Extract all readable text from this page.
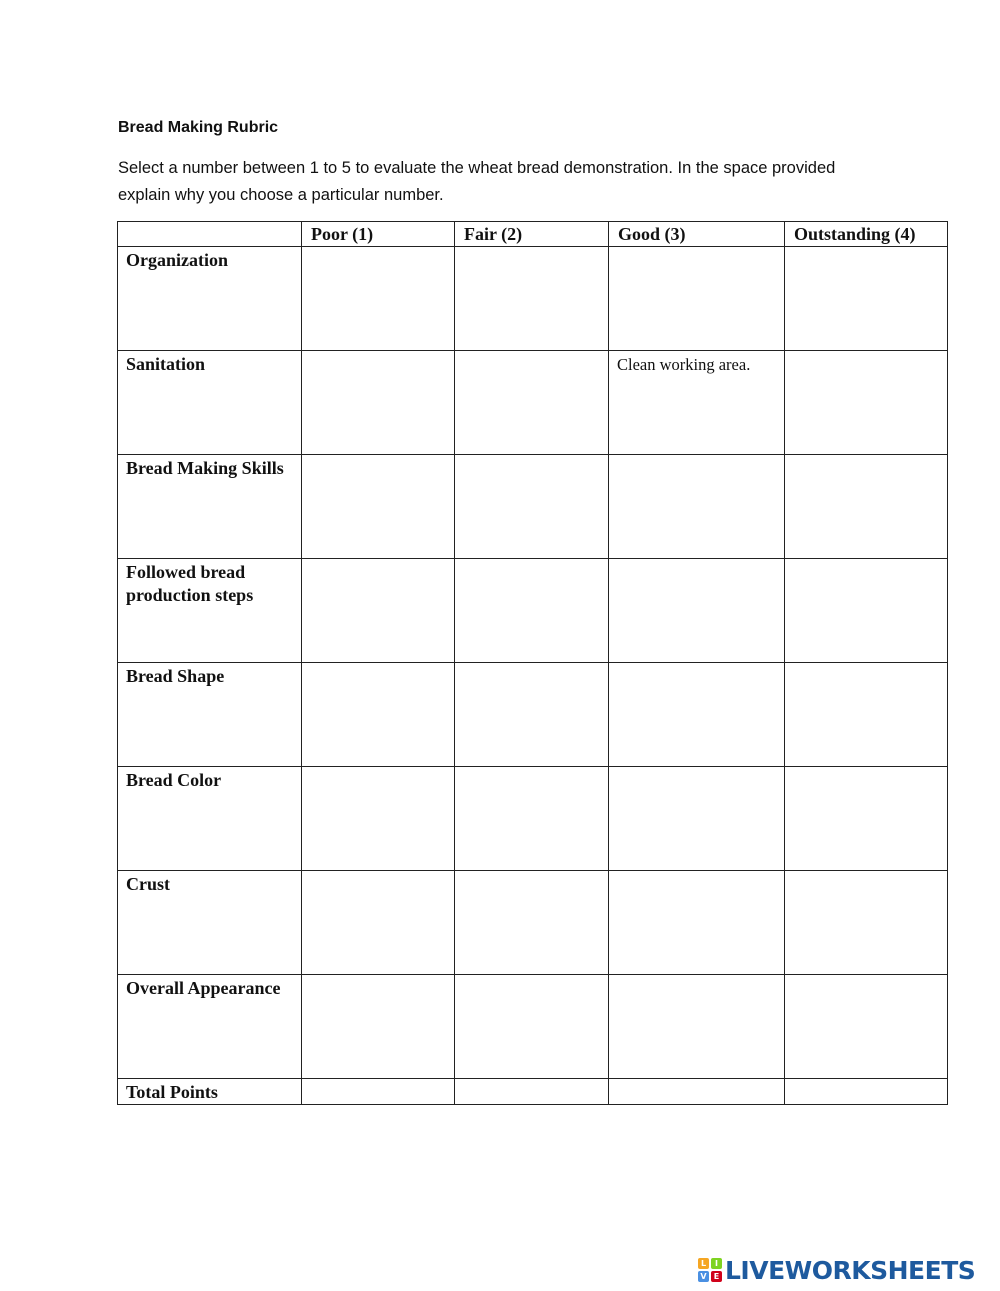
Bread Making Rubric
Select a number between 1 to 5 to evaluate the wheat bread demonstration. In the space provided explain why you choose a particular number.
	Poor (1)	Fair (2)	Good (3)	Outstanding (4)
Organization				
Sanitation			Clean working area.	
Bread Making Skills				
Followed bread production steps				
Bread Shape				
Bread Color				
Crust				
Overall Appearance				
Total Points				
L	I
V E LIVEWORKSHEETS
